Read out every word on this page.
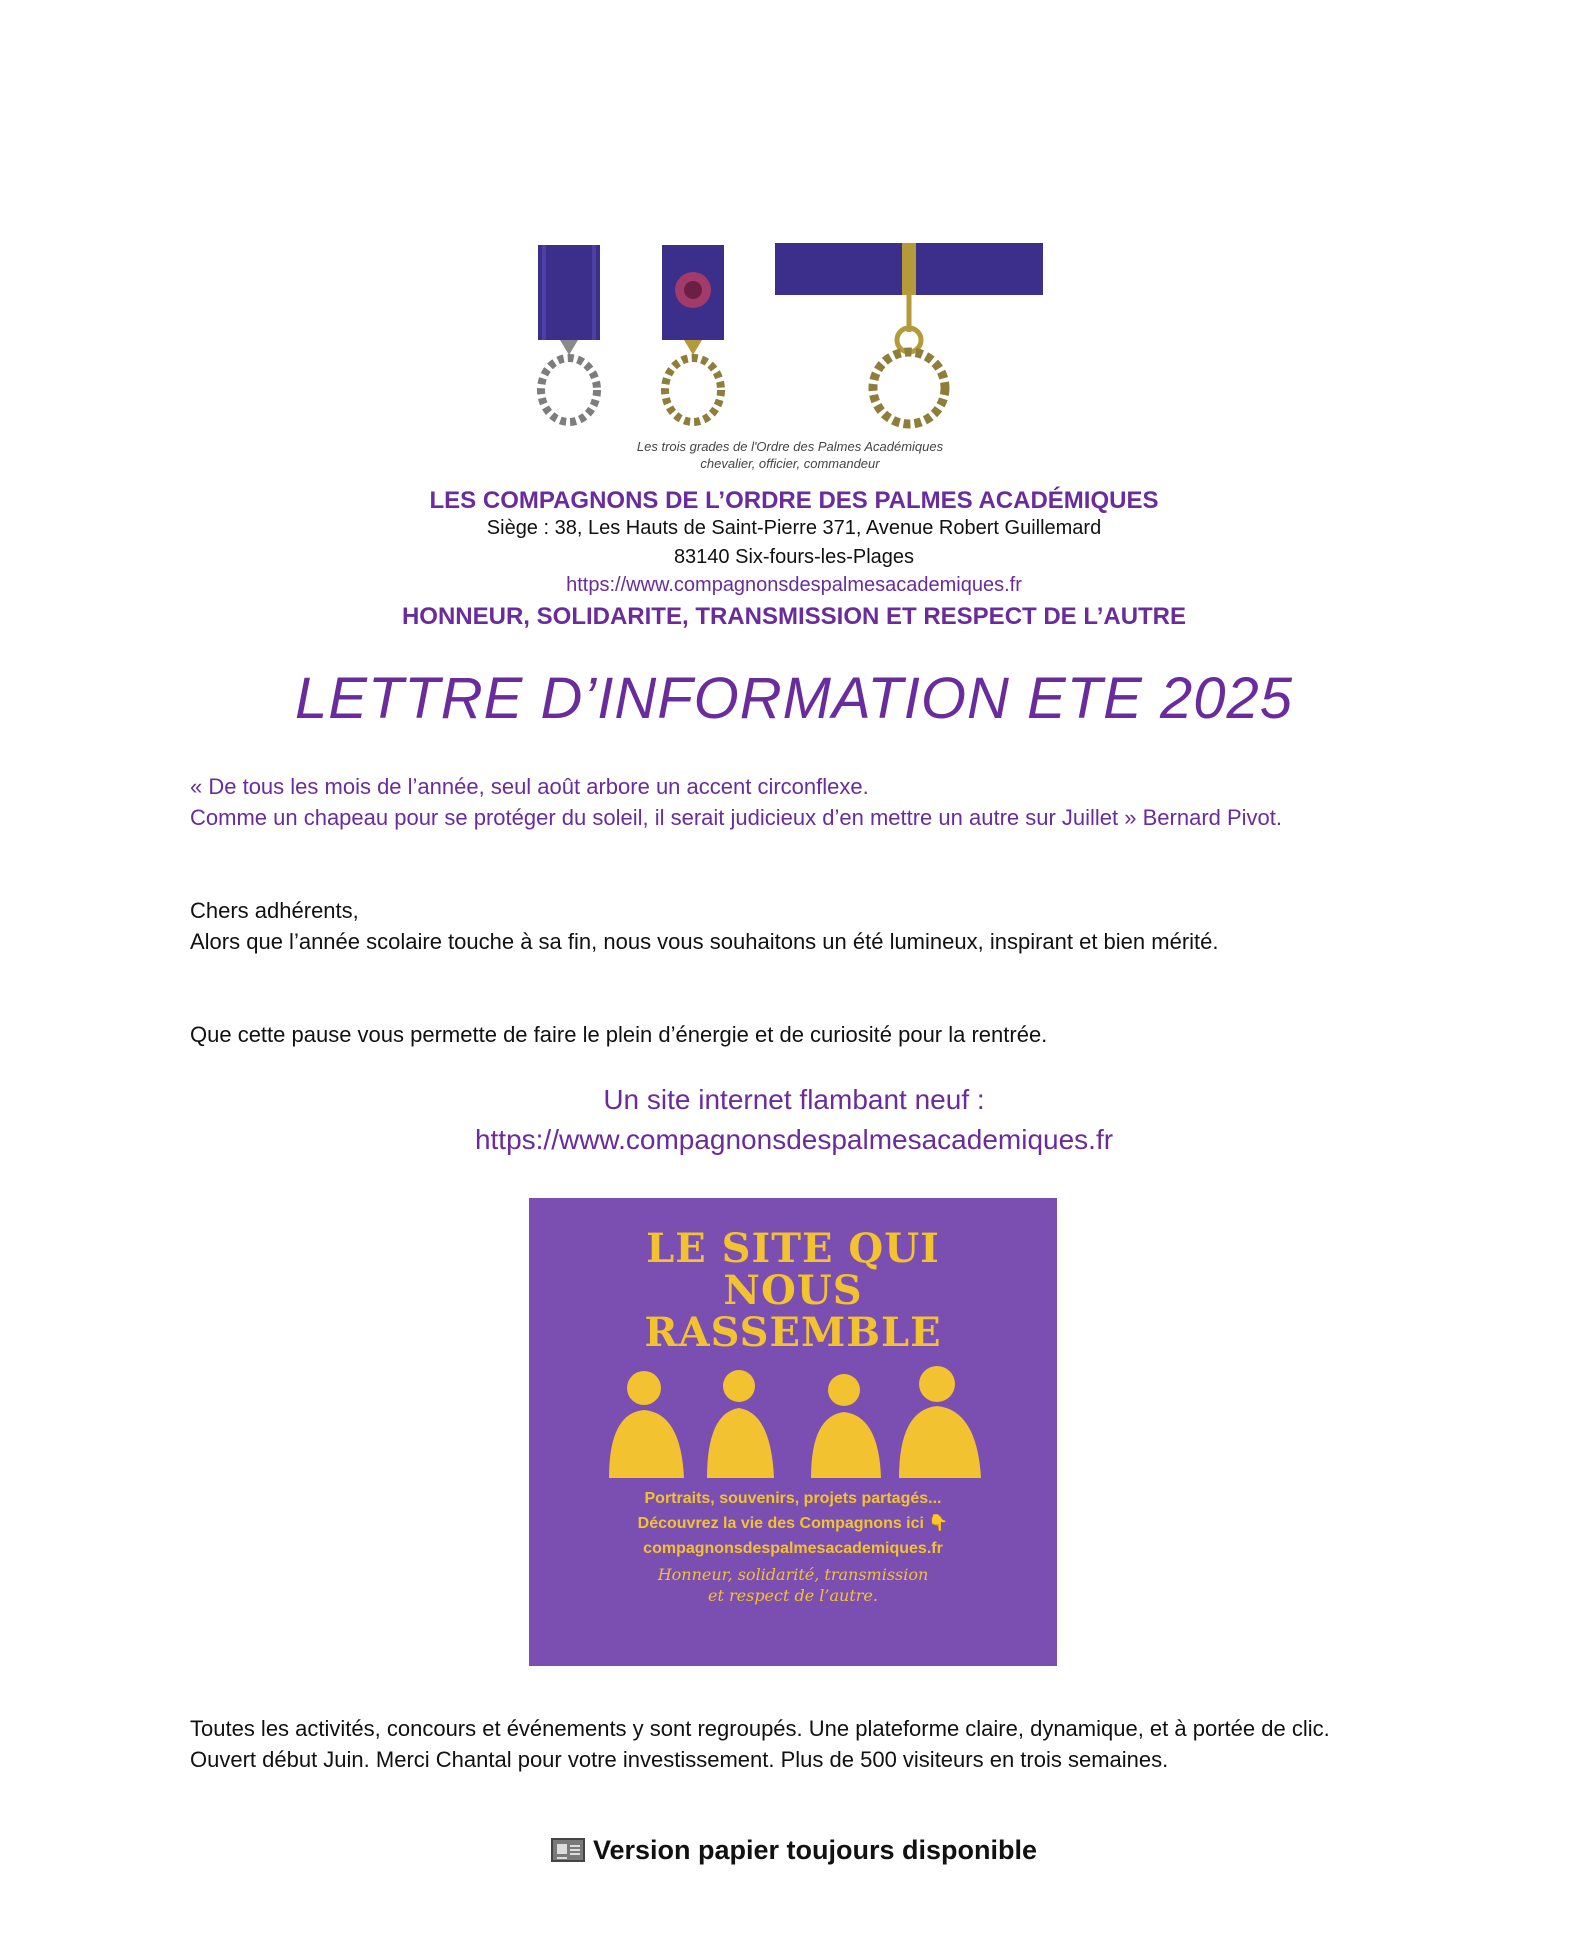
Les trois grades de l'Ordre des Palmes Académiques
chevalier, officier, commandeur
LES COMPAGNONS DE L’ORDRE DES PALMES ACADÉMIQUES
Siège : 38, Les Hauts de Saint-Pierre 371, Avenue Robert Guillemard
83140 Six-fours-les-Plages
https://www.compagnonsdespalmesacademiques.fr
HONNEUR, SOLIDARITE, TRANSMISSION ET RESPECT DE L’AUTRE
LETTRE D’INFORMATION ETE 2025
« De tous les mois de l’année, seul août arbore un accent circonflexe.
Comme un chapeau pour se protéger du soleil, il serait judicieux d’en mettre un autre sur Juillet » Bernard Pivot.
Chers adhérents,
Alors que l’année scolaire touche à sa fin, nous vous souhaitons un été lumineux, inspirant et bien mérité.
Que cette pause vous permette de faire le plein d’énergie et de curiosité pour la rentrée.
Un site internet flambant neuf :
https://www.compagnonsdespalmesacademiques.fr
LE SITE QUI
NOUS
RASSEMBLE
Portraits, souvenirs, projets partagés...
Découvrez la vie des Compagnons ici 👇
compagnonsdespalmesacademiques.fr
Honneur, solidarité, transmission
et respect de l’autre.
Toutes les activités, concours et événements y sont regroupés. Une plateforme claire, dynamique, et à portée de clic. Ouvert début Juin. Merci Chantal pour votre investissement. Plus de 500 visiteurs en trois semaines.
Version papier toujours disponible
